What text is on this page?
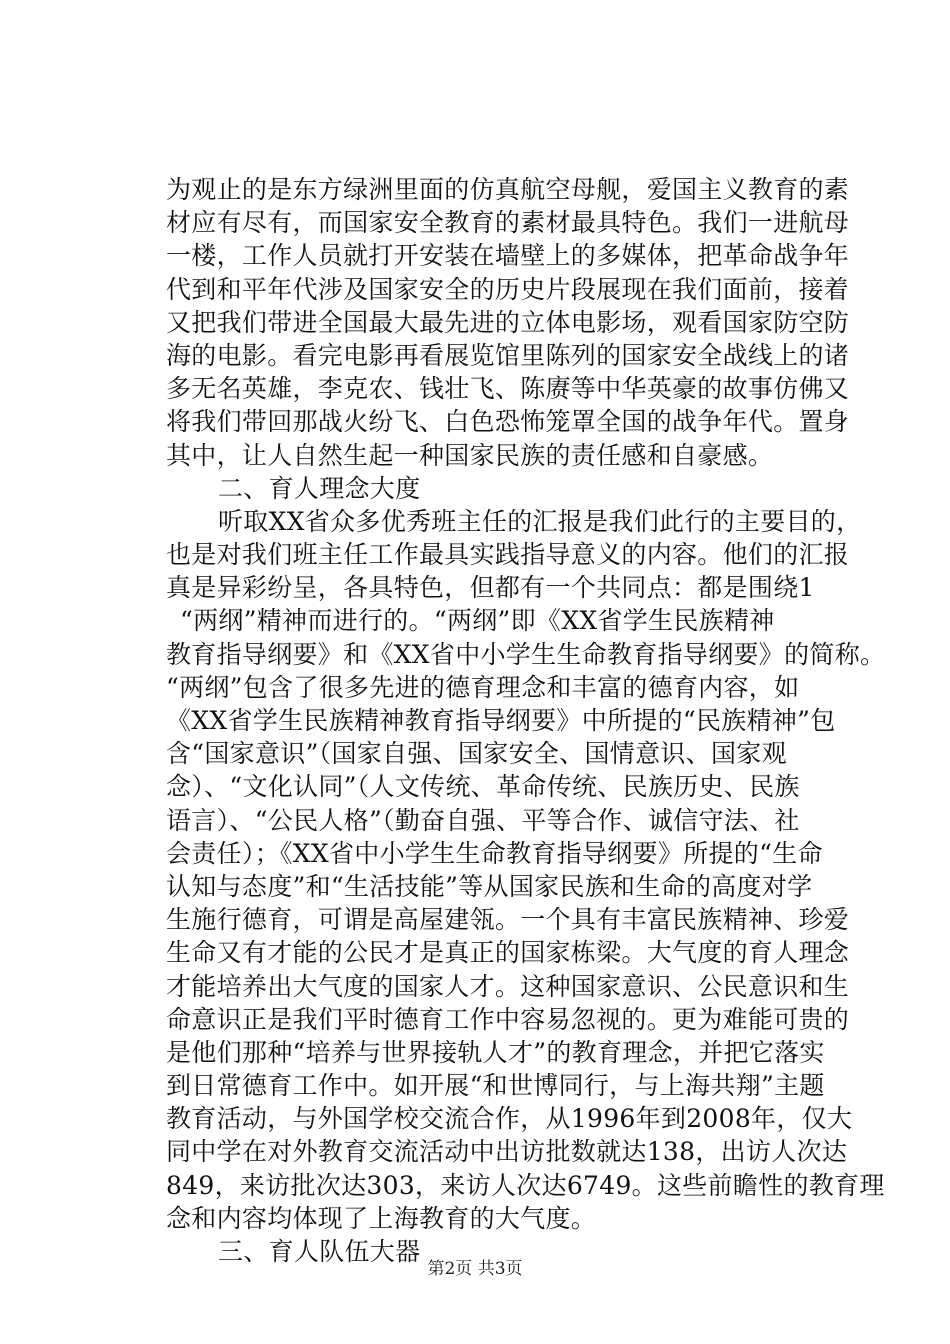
为观止的是东方绿洲里面的仿真航空母舰，爱国主义教育的素
材应有尽有，而国家安全教育的素材最具特色。我们一进航母
一楼，工作人员就打开安装在墙壁上的多媒体，把革命战争年
代到和平年代涉及国家安全的历史片段展现在我们面前，接着
又把我们带进全国最大最先进的立体电影场，观看国家防空防
海的电影。看完电影再看展览馆里陈列的国家安全战线上的诸
多无名英雄，李克农、钱壮飞、陈赓等中华英豪的故事仿佛又
将我们带回那战火纷飞、白色恐怖笼罩全国的战争年代。置身
其中，让人自然生起一种国家民族的责任感和自豪感。
二、育人理念大度
听取XX省众多优秀班主任的汇报是我们此行的主要目的，
也是对我们班主任工作最具实践指导意义的内容。他们的汇报
真是异彩纷呈，各具特色，但都有一个共同点：都是围绕1
“两纲”精神而进行的。“两纲”即《XX省学生民族精神
教育指导纲要》和《XX省中小学生生命教育指导纲要》的简称。
“两纲”包含了很多先进的德育理念和丰富的德育内容，如
《XX省学生民族精神教育指导纲要》中所提的“民族精神”包
含“国家意识”（国家自强、国家安全、国情意识、国家观
念）、“文化认同”（人文传统、革命传统、民族历史、民族
语言）、“公民人格”（勤奋自强、平等合作、诚信守法、社
会责任）；《XX省中小学生生命教育指导纲要》所提的“生命
认知与态度”和“生活技能”等从国家民族和生命的高度对学
生施行德育，可谓是高屋建瓴。一个具有丰富民族精神、珍爱
生命又有才能的公民才是真正的国家栋梁。大气度的育人理念
才能培养出大气度的国家人才。这种国家意识、公民意识和生
命意识正是我们平时德育工作中容易忽视的。更为难能可贵的
是他们那种“培养与世界接轨人才”的教育理念，并把它落实
到日常德育工作中。如开展“和世博同行，与上海共翔”主题
教育活动，与外国学校交流合作，从1996年到2008年，仅大
同中学在对外教育交流活动中出访批数就达138，出访人次达
849，来访批次达303，来访人次达6749。这些前瞻性的教育理
念和内容均体现了上海教育的大气度。
三、育人队伍大器
第2页 共3页
